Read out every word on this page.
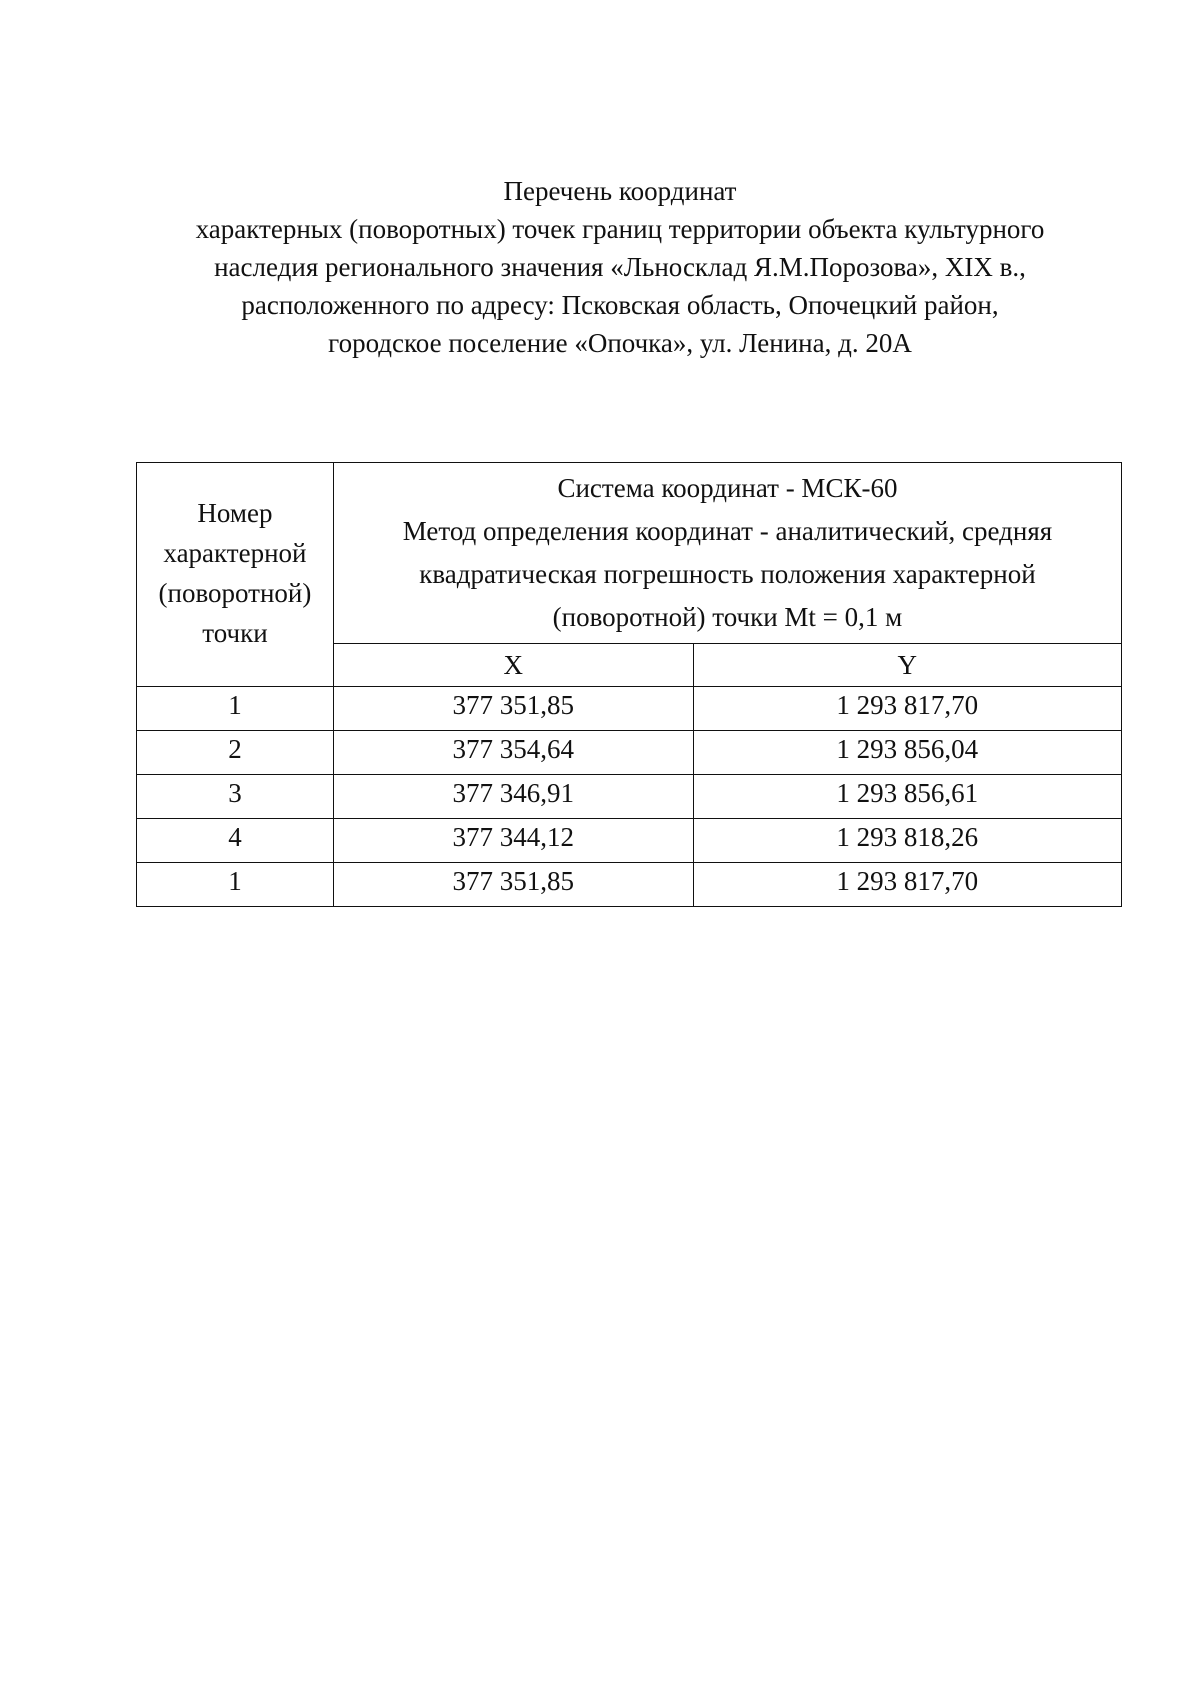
Перечень координат
характерных (поворотных) точек границ территории объекта культурного
наследия регионального значения «Льносклад Я.М.Порозова», XIX в.,
расположенного по адресу: Псковская область, Опочецкий район,
городское поселение «Опочка», ул. Ленина, д. 20А
Номер
характерной
(поворотной)
точки	Система координат - МСК-60
Метод определения координат - аналитический, средняя
квадратическая погрешность положения характерной
(поворотной) точки Mt = 0,1 м	

	X	Y
1	377 351,85	1 293 817,70
2	377 354,64	1 293 856,04
3	377 346,91	1 293 856,61
4	377 344,12	1 293 818,26
1	377 351,85	1 293 817,70
